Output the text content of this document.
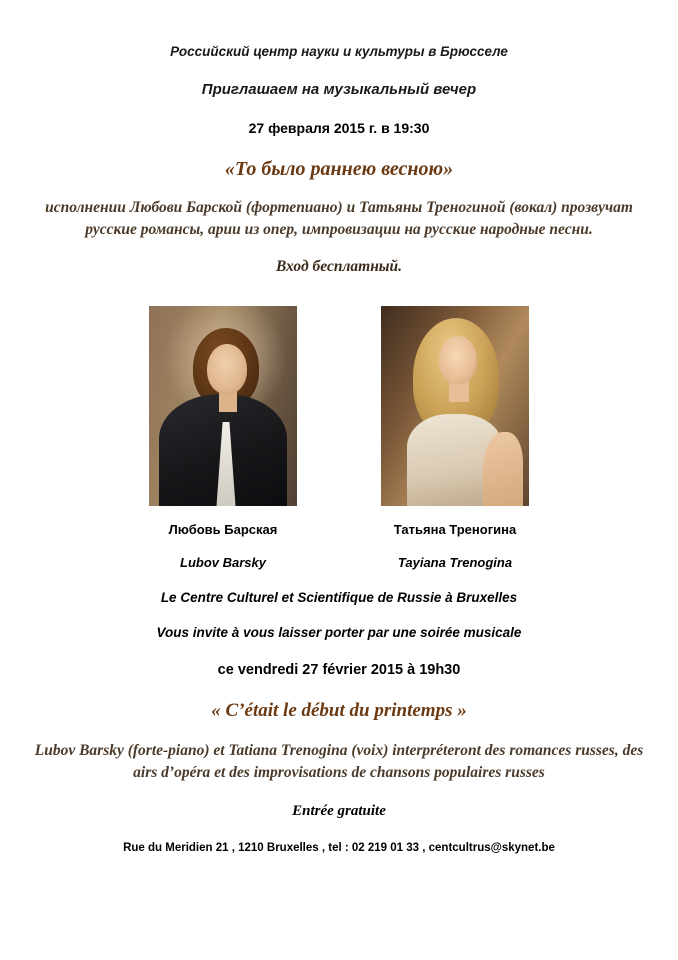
Российский центр науки и культуры в Брюсселе
Приглашаем на музыкальный вечер
27 февраля 2015 г. в 19:30
«То было раннею весною»
исполнении Любови Барской (фортепиано) и Татьяны Треногиной (вокал) прозвучат русские романсы, арии из опер, импровизации на русские народные песни.
Вход бесплатный.
Любовь Барская	Татьяна Треногина
Lubov Barsky	Tayiana Trenogina
Le Centre Culturel et Scientifique de Russie à Bruxelles
Vous invite à vous laisser porter par une soirée musicale
ce vendredi 27 février 2015 à 19h30
« C’était le début du printemps »
Lubov Barsky (forte-piano) et Tatiana Trenogina (voix) interpréteront des romances russes, des airs d’opéra et des improvisations de chansons populaires russes
Entrée gratuite
Rue du Meridien 21 , 1210 Bruxelles , tel : 02 219 01 33 , centcultrus@skynet.be
